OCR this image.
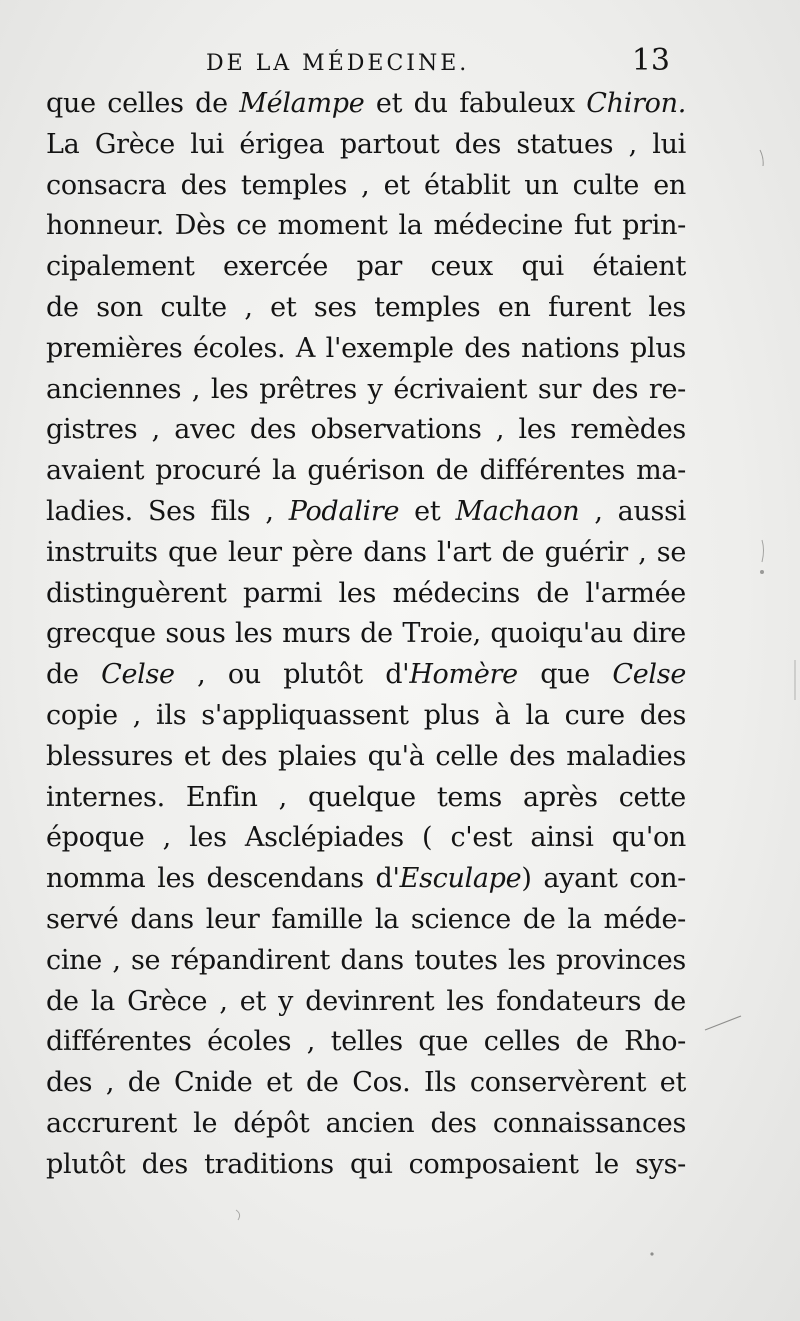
DE LA MÉDECINE.	13
que celles de Mélampe et du fabuleux Chiron.
La Grèce lui érigea partout des statues , lui
consacra des temples , et établit un culte en
honneur. Dès ce moment la médecine fut prin-
cipalement exercée par ceux qui étaient
de son culte , et ses temples en furent les
premières écoles. A l'exemple des nations plus
anciennes , les prêtres y écrivaient sur des re-
gistres , avec des observations , les remèdes
avaient procuré la guérison de différentes ma-
ladies. Ses fils , Podalire et Machaon , aussi
instruits que leur père dans l'art de guérir , se
distinguèrent parmi les médecins de l'armée
grecque sous les murs de Troie, quoiqu'au dire
de Celse , ou plutôt d'Homère que Celse
copie , ils s'appliquassent plus à la cure des
blessures et des plaies qu'à celle des maladies
internes. Enfin , quelque tems après cette
époque , les Asclépiades ( c'est ainsi qu'on
nomma les descendans d'Esculape) ayant con-
servé dans leur famille la science de la méde-
cine , se répandirent dans toutes les provinces
de la Grèce , et y devinrent les fondateurs de
différentes écoles , telles que celles de Rho-
des , de Cnide et de Cos. Ils conservèrent et
accrurent le dépôt ancien des connaissances
plutôt des traditions qui composaient le sys-
